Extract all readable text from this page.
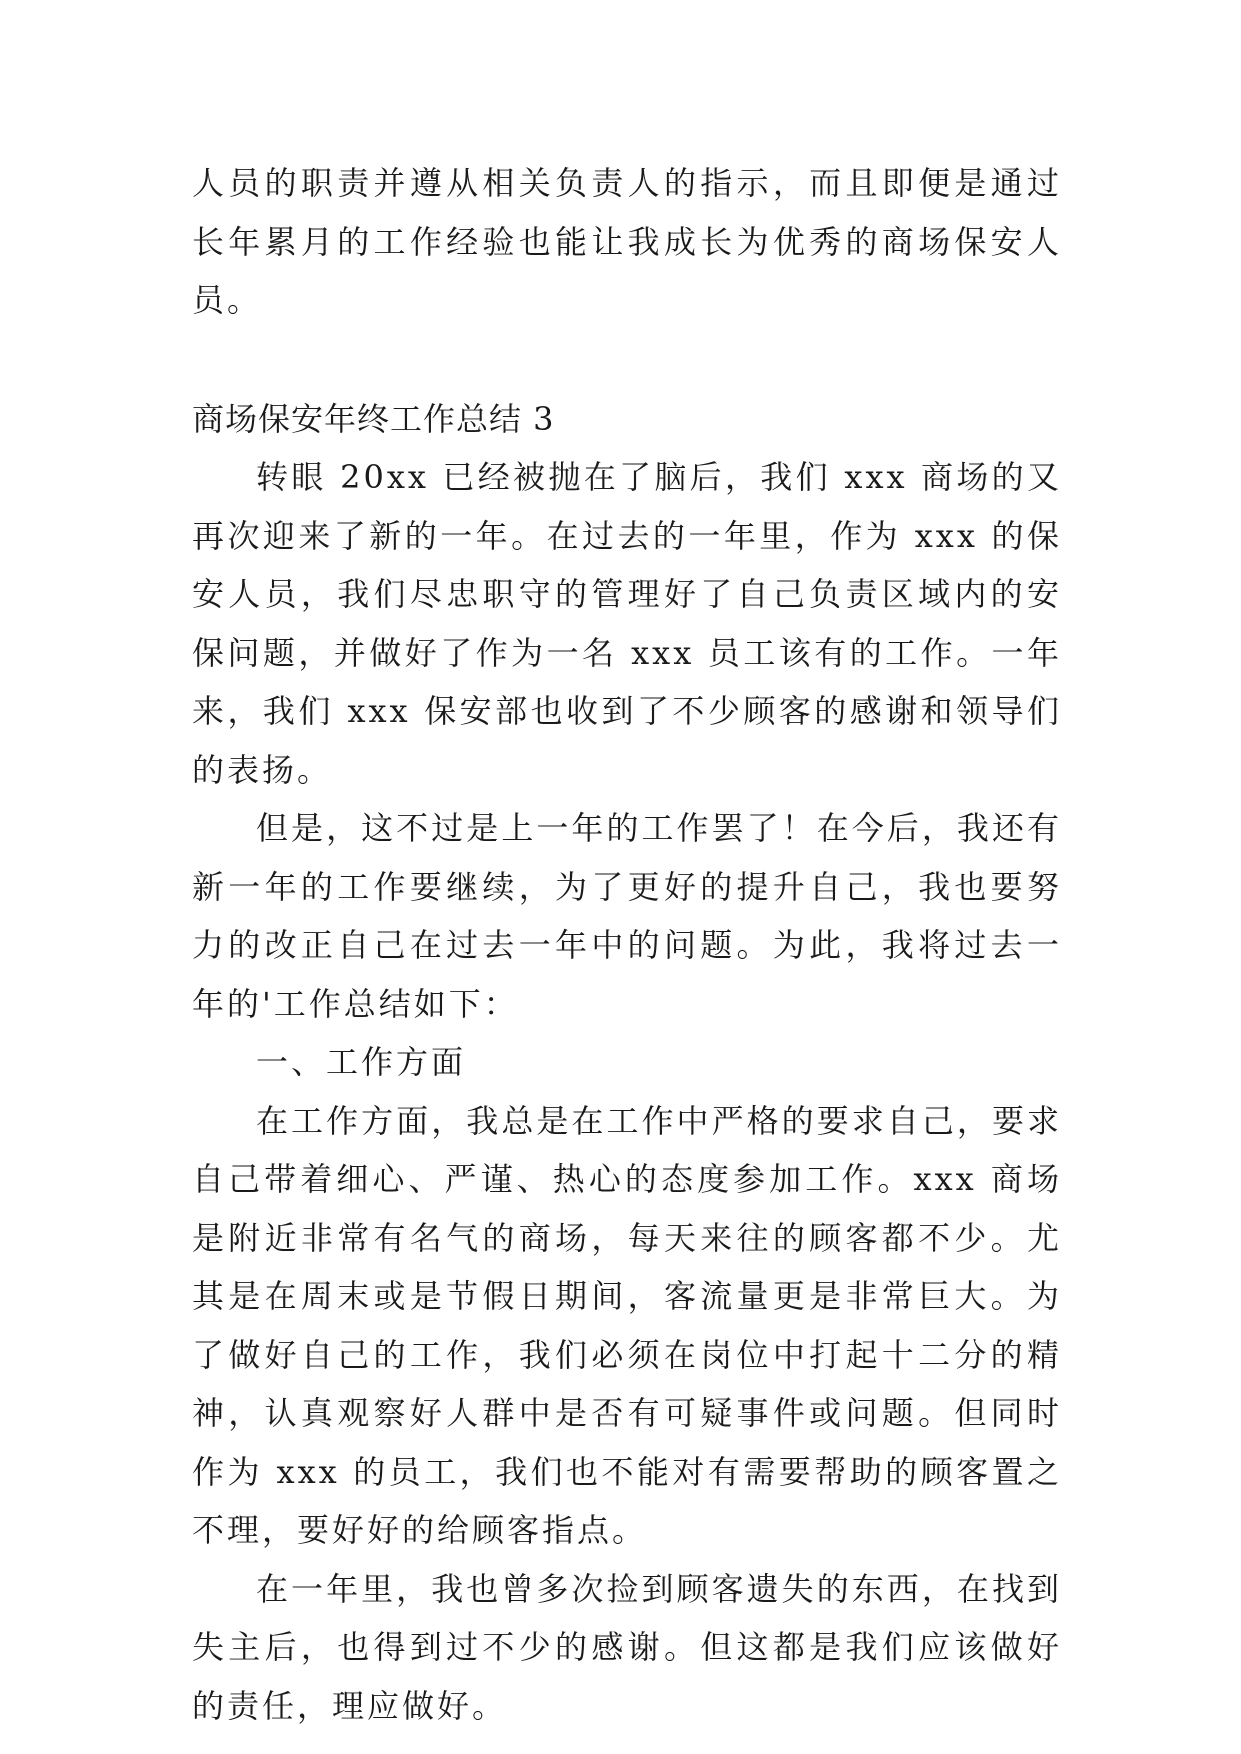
人员的职责并遵从相关负责人的指示，而且即便是通过长年累月的工作经验也能让我成长为优秀的商场保安人员。

商场保安年终工作总结 3

转眼 20xx 已经被抛在了脑后，我们 xxx 商场的又再次迎来了新的一年。在过去的一年里，作为 xxx 的保安人员，我们尽忠职守的管理好了自己负责区域内的安保问题，并做好了作为一名 xxx 员工该有的工作。一年来，我们 xxx 保安部也收到了不少顾客的感谢和领导们的表扬。

但是，这不过是上一年的工作罢了！在今后，我还有新一年的工作要继续，为了更好的提升自己，我也要努力的改正自己在过去一年中的问题。为此，我将过去一年的'工作总结如下：

一、工作方面

在工作方面，我总是在工作中严格的要求自己，要求自己带着细心、严谨、热心的态度参加工作。xxx 商场是附近非常有名气的商场，每天来往的顾客都不少。尤其是在周末或是节假日期间，客流量更是非常巨大。为了做好自己的工作，我们必须在岗位中打起十二分的精神，认真观察好人群中是否有可疑事件或问题。但同时作为 xxx 的员工，我们也不能对有需要帮助的顾客置之不理，要好好的给顾客指点。

在一年里，我也曾多次捡到顾客遗失的东西，在找到失主后，也得到过不少的感谢。但这都是我们应该做好的责任，理应做好。
